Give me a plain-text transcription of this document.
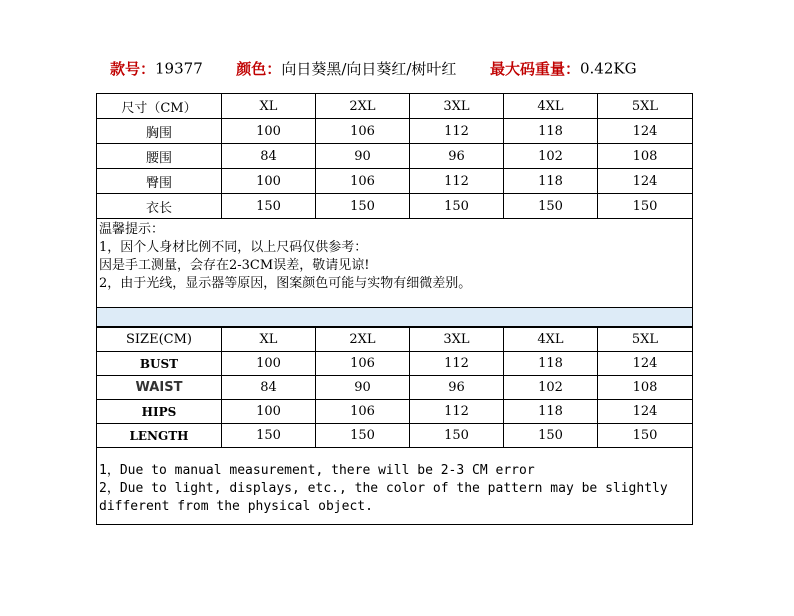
款号：19377 颜色：向日葵黑/向日葵红/树叶红 最大码重量：0.42KG
尺寸（CM）	XL	2XL	3XL	4XL	5XL
胸围	100	106	112	118	124
腰围	84	90	96	102	108
臀围	100	106	112	118	124
衣长	150	150	150	150	150

温馨提示：
1，因个人身材比例不同，以上尺码仅供参考：
因是手工测量，会存在2-3CM误差，敬请见谅!
2，由于光线，显示器等原因，图案颜色可能与实物有细微差别。					

SIZE(CM)	XL	2XL	3XL	4XL	5XL
BUST	100	106	112	118	124
WAIST	84	90	96	102	108
HIPS	100	106	112	118	124
LENGTH	150	150	150	150	150

1，Due to manual measurement, there will be 2-3 CM error
2，Due to light, displays, etc., the color of the pattern may be slightly different from the physical object.					
